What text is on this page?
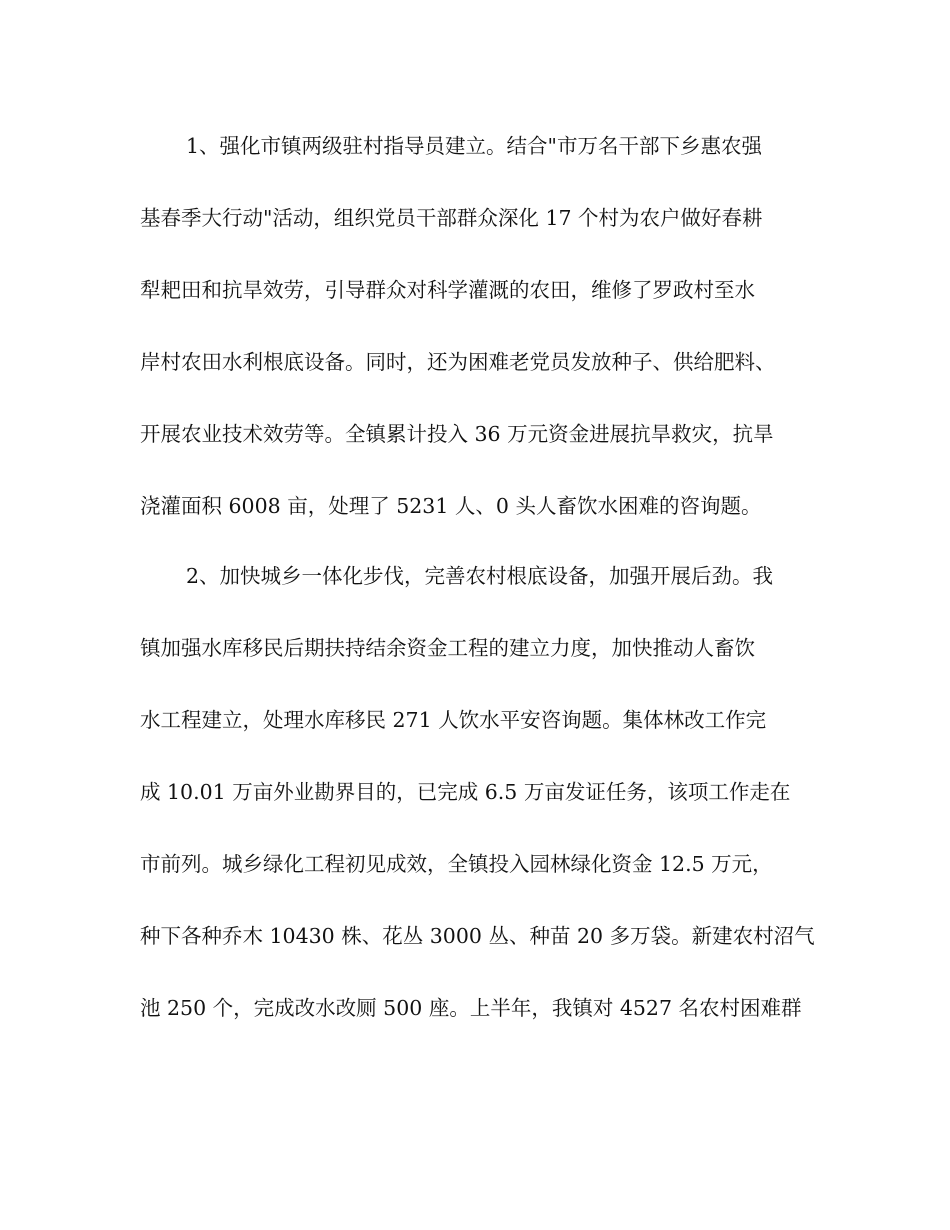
1、强化市镇两级驻村指导员建立。结合"市万名干部下乡惠农强
基春季大行动"活动，组织党员干部群众深化 17 个村为农户做好春耕
犁耙田和抗旱效劳，引导群众对科学灌溉的农田，维修了罗政村至水
岸村农田水利根底设备。同时，还为困难老党员发放种子、供给肥料、
开展农业技术效劳等。全镇累计投入 36 万元资金进展抗旱救灾，抗旱
浇灌面积 6008 亩，处理了 5231 人、0 头人畜饮水困难的咨询题。
2、加快城乡一体化步伐，完善农村根底设备，加强开展后劲。我
镇加强水库移民后期扶持结余资金工程的建立力度，加快推动人畜饮
水工程建立，处理水库移民 271 人饮水平安咨询题。集体林改工作完
成 10.01 万亩外业勘界目的，已完成 6.5 万亩发证任务，该项工作走在
市前列。城乡绿化工程初见成效，全镇投入园林绿化资金 12.5 万元，
种下各种乔木 10430 株、花丛 3000 丛、种苗 20 多万袋。新建农村沼气
池 250 个，完成改水改厕 500 座。上半年，我镇对 4527 名农村困难群
